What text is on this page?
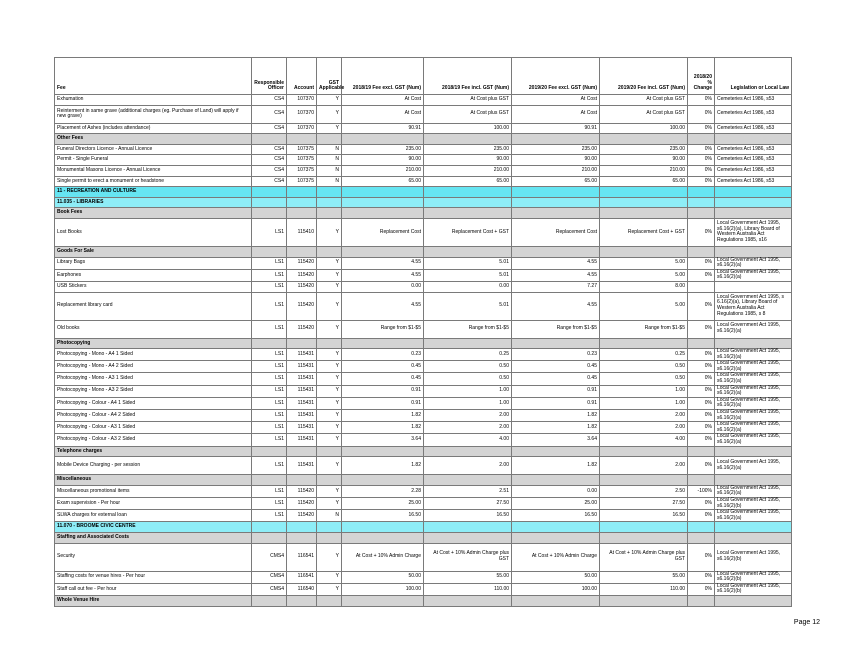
Fee	Responsible Officer	Account	GST Applicable	2018/19 Fee excl. GST (Num)	2018/19 Fee incl. GST (Num)	2019/20 Fee excl. GST (Num)	2019/20 Fee incl. GST (Num)	2018/20 % Change	Legislation or Local Law
Exhumation	CS4	107370	Y	At Cost	At Cost plus GST	At Cost	At Cost plus GST	0%	Cemeteries Act 1986, s53
Reinterment in same grave (additional charges (eg. Purchase of Land) will apply if new grave)	CS4	107370	Y	At Cost	At Cost plus GST	At Cost	At Cost plus GST	0%	Cemeteries Act 1986, s53
Placement of Ashes (includes attendance)	CS4	107370	Y	90.91	100.00	90.91	100.00	0%	Cemeteries Act 1986, s53
Other Fees									
Funeral Directors Licence - Annual Licence	CS4	107375	N	235.00	235.00	235.00	235.00	0%	Cemeteries Act 1986, s53
Permit - Single Funeral	CS4	107375	N	90.00	90.00	90.00	90.00	0%	Cemeteries Act 1986, s53
Monumental Masons Licence - Annual Licence	CS4	107375	N	210.00	210.00	210.00	210.00	0%	Cemeteries Act 1986, s53
Single permit to erect a monument or headstone	CS4	107375	N	65.00	65.00	65.00	65.00	0%	Cemeteries Act 1986, s53
11 - RECREATION AND CULTURE									
11.035 - LIBRARIES									
Book Fees									
Lost Books	LS1	115410	Y	Replacement Cost	Replacement Cost + GST	Replacement Cost	Replacement Cost + GST	0%	Local Government Act 1995, s6.16(2)(a), Library Board of Western Australia Act Regulations 1985, s16
Goods For Sale									
Library Bags	LS1	115420	Y	4.55	5.01	4.55	5.00	0%	Local Government Act 1995, s6.16(2)(a)
Earphones	LS1	115420	Y	4.55	5.01	4.55	5.00	0%	Local Government Act 1995, s6.16(2)(a)
USB Stickers	LS1	115420	Y	0.00	0.00	7.27	8.00		
Replacement library card	LS1	115420	Y	4.55	5.01	4.55	5.00	0%	Local Government Act 1995, s 6.16(2)(a), Library Board of Western Australia Act Regulations 1985, s 8
Old books	LS1	115420	Y	Range from $1-$5	Range from $1-$5	Range from $1-$5	Range from $1-$5	0%	Local Government Act 1995, s6.16(2)(a)
Photocopying									
Photocopying - Mono - A4 1 Sided	LS1	115431	Y	0.23	0.25	0.23	0.25	0%	Local Government Act 1995, s6.16(2)(a)
Photocopying - Mono - A4 2 Sided	LS1	115431	Y	0.45	0.50	0.45	0.50	0%	Local Government Act 1995, s6.16(2)(a)
Photocopying - Mono - A3 1 Sided	LS1	115431	Y	0.45	0.50	0.45	0.50	0%	Local Government Act 1995, s6.16(2)(a)
Photocopying - Mono - A3 2 Sided	LS1	115431	Y	0.91	1.00	0.91	1.00	0%	Local Government Act 1995, s6.16(2)(a)
Photocopying - Colour - A4 1 Sided	LS1	115431	Y	0.91	1.00	0.91	1.00	0%	Local Government Act 1995, s6.16(2)(a)
Photocopying - Colour - A4 2 Sided	LS1	115431	Y	1.82	2.00	1.82	2.00	0%	Local Government Act 1995, s6.16(2)(a)
Photocopying - Colour - A3 1 Sided	LS1	115431	Y	1.82	2.00	1.82	2.00	0%	Local Government Act 1995, s6.16(2)(a)
Photocopying - Colour - A3 2 Sided	LS1	115431	Y	3.64	4.00	3.64	4.00	0%	Local Government Act 1995, s6.16(2)(a)
Telephone charges									
Mobile Device Charging - per session	LS1	115431	Y	1.82	2.00	1.82	2.00	0%	Local Government Act 1995, s6.16(2)(a)
Miscellaneous									
Miscellaneous promotional items	LS1	115420	Y	2.28	2.51	0.00	2.50	-100%	Local Government Act 1995, s6.16(2)(a)
Exam supervision - Per hour	LS1	115420	Y	25.00	27.50	25.00	27.50	0%	Local Government Act 1995, s6.16(2)(b)
SLWA charges for external loan	LS1	115420	N	16.50	16.50	16.50	16.50	0%	Local Government Act 1995, s6.16(2)(a)
11.070 - BROOME CIVIC CENTRE									
Staffing and Associated Costs									
Security	CMS4	116541	Y	At Cost + 10% Admin Charge	At Cost + 10% Admin Charge plus GST	At Cost + 10% Admin Charge	At Cost + 10% Admin Charge plus GST	0%	Local Government Act 1995, s6.16(2)(b)
Staffing costs for venue hires - Per hour	CMS4	116541	Y	50.00	55.00	50.00	55.00	0%	Local Government Act 1995, s6.16(2)(b)
Staff call out fee - Per hour	CMS4	116540	Y	100.00	110.00	100.00	110.00	0%	Local Government Act 1995, s6.16(2)(b)
Whole Venue Hire									
Page 12
